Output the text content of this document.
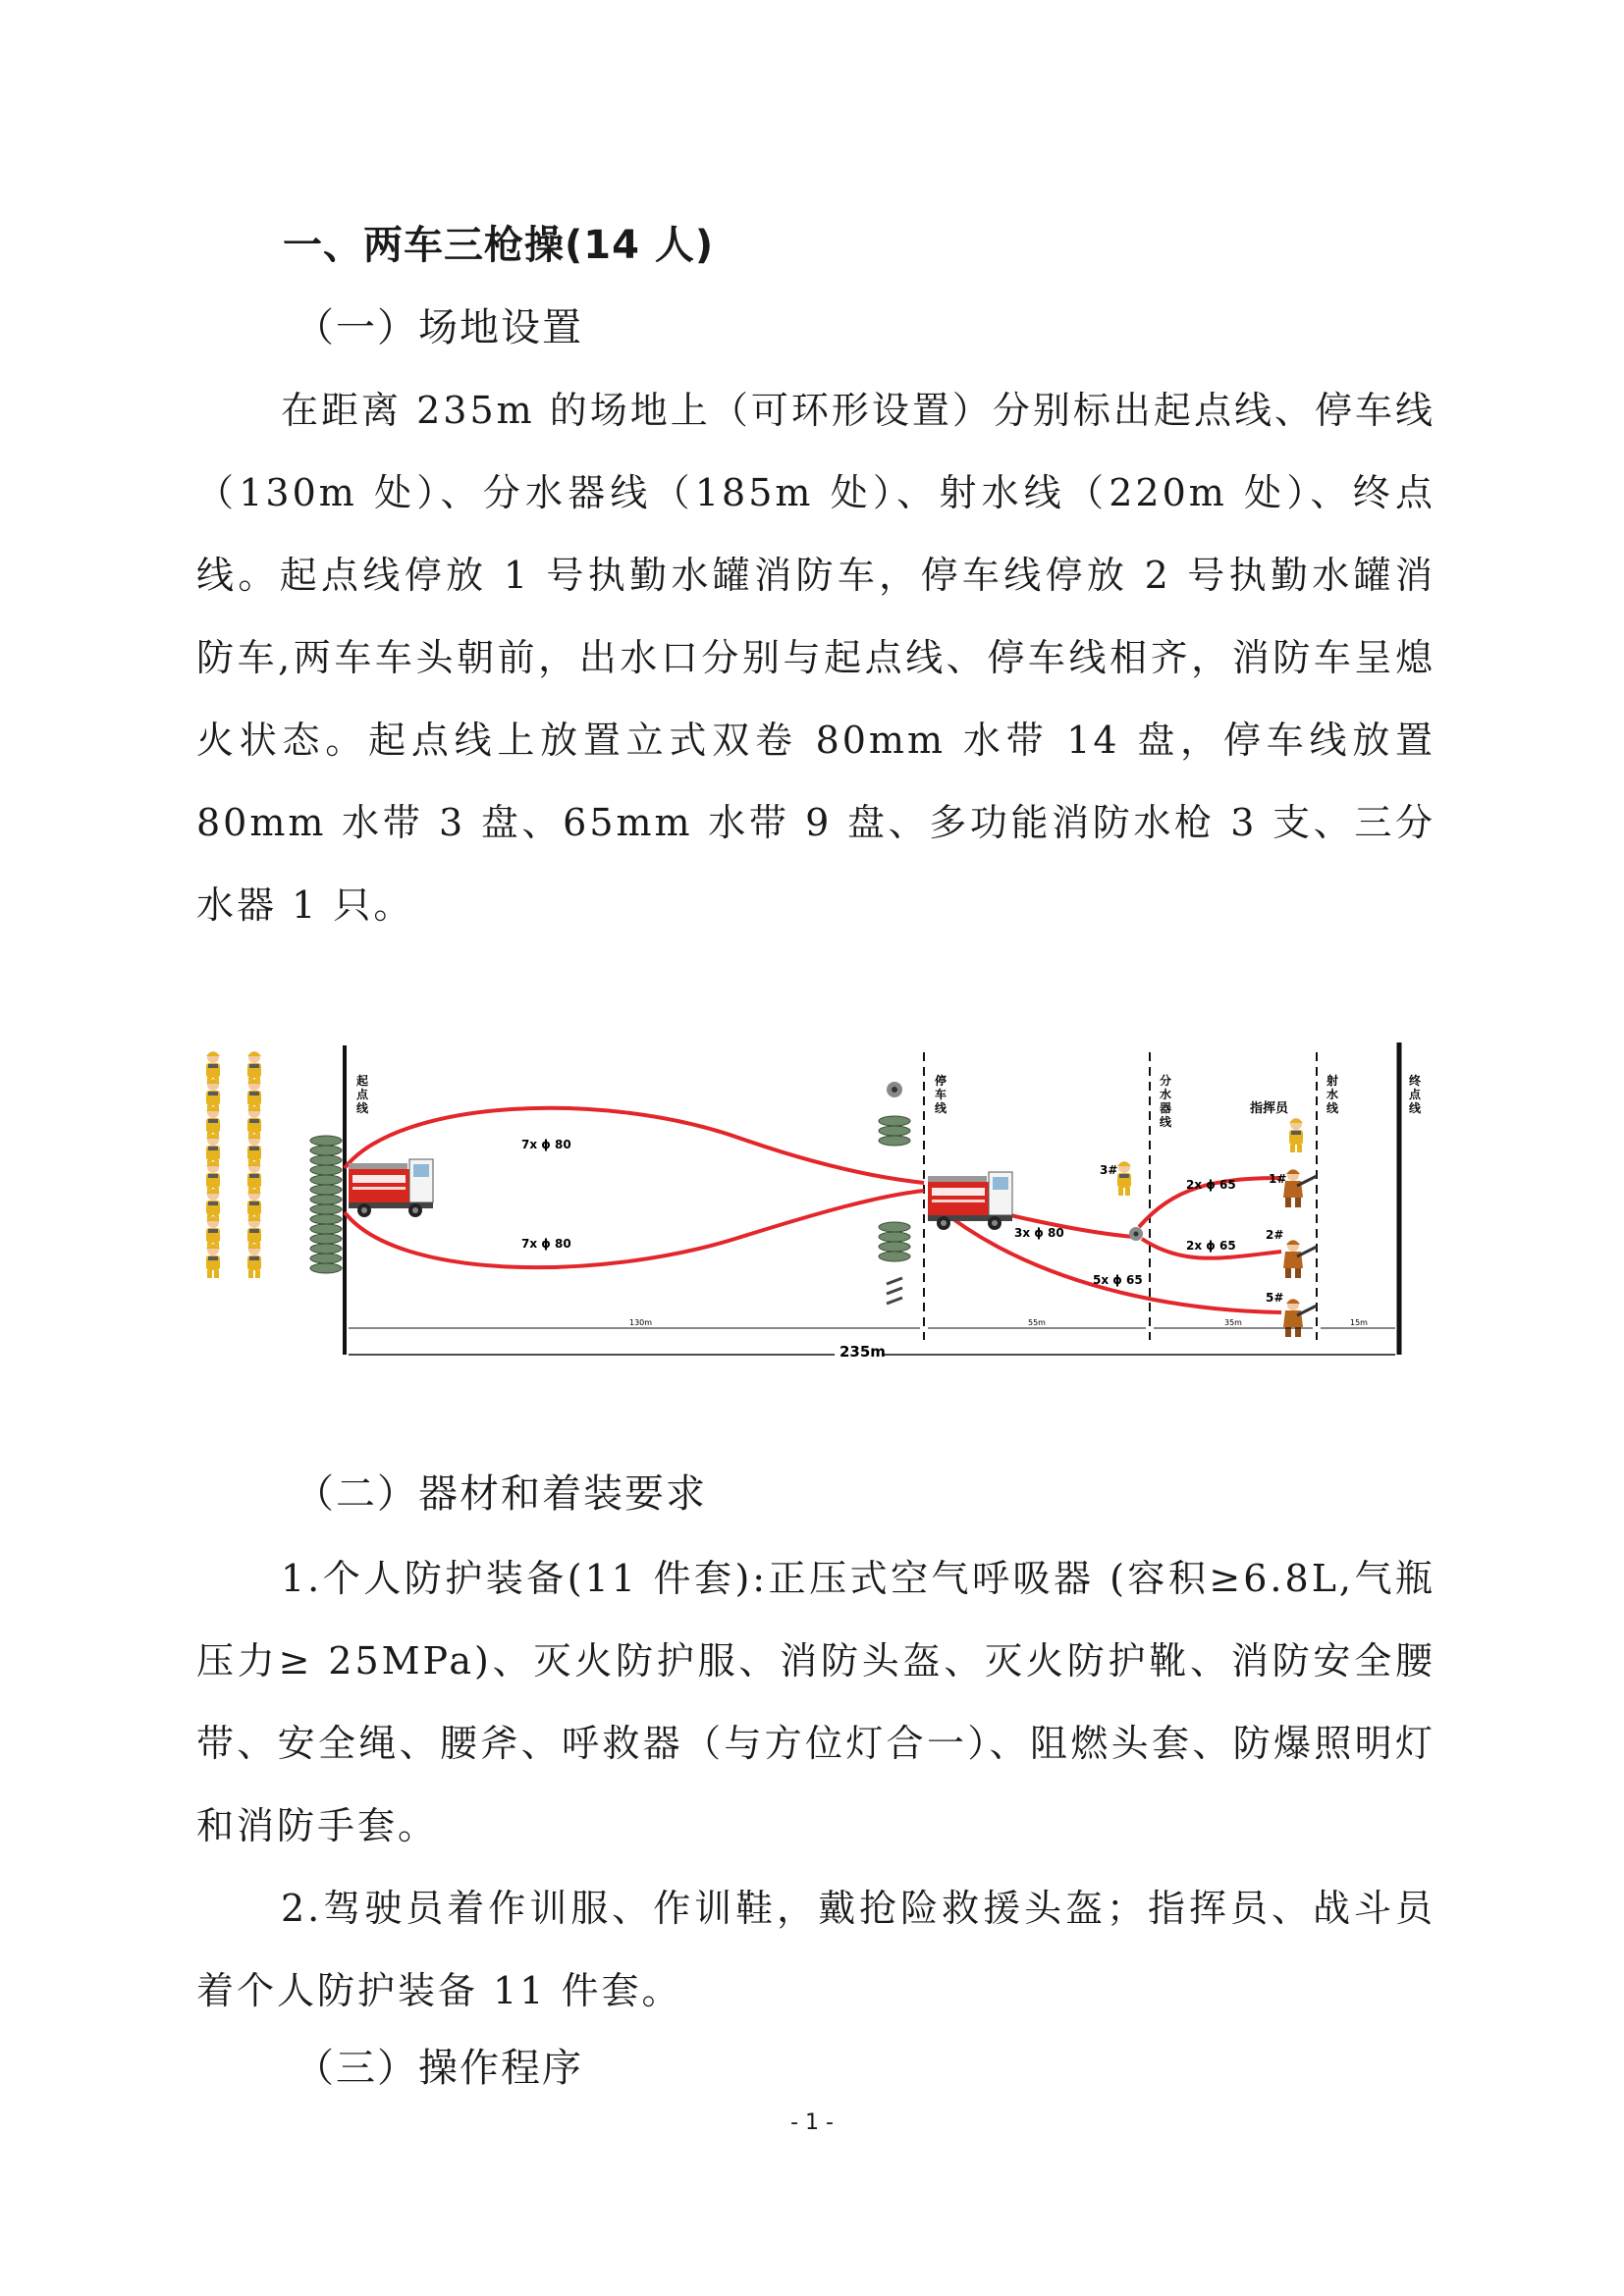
一、两车三枪操(14 人)
（一）场地设置

在距离 235m 的场地上（可环形设置）分别标出起点线、停车线（130m 处）、分水器线（185m 处）、射水线（220m 处）、终点线。起点线停放 1 号执勤水罐消防车，停车线停放 2 号执勤水罐消防车,两车车头朝前，出水口分别与起点线、停车线相齐，消防车呈熄火状态。起点线上放置立式双卷 80mm 水带 14 盘，停车线放置 80mm 水带 3 盘、65mm 水带 9 盘、多功能消防水枪 3 支、三分水器 1 只。

起点线
停车线
分水器线
射水线
终点线
指挥员
3#
1#
2#
5#
7x ϕ 80
7x ϕ 80
3x ϕ 80
2x ϕ 65
2x ϕ 65
5x ϕ 65
130m	55m	35m	15m
235m
（二）器材和着装要求

1.个人防护装备(11 件套):正压式空气呼吸器 (容积≥6.8L,气瓶压力≥ 25MPa)、灭火防护服、消防头盔、灭火防护靴、消防安全腰带、安全绳、腰斧、呼救器（与方位灯合一）、阻燃头套、防爆照明灯和消防手套。

2.驾驶员着作训服、作训鞋，戴抢险救援头盔；指挥员、战斗员着个人防护装备 11 件套。

（三）操作程序
- 1 -
